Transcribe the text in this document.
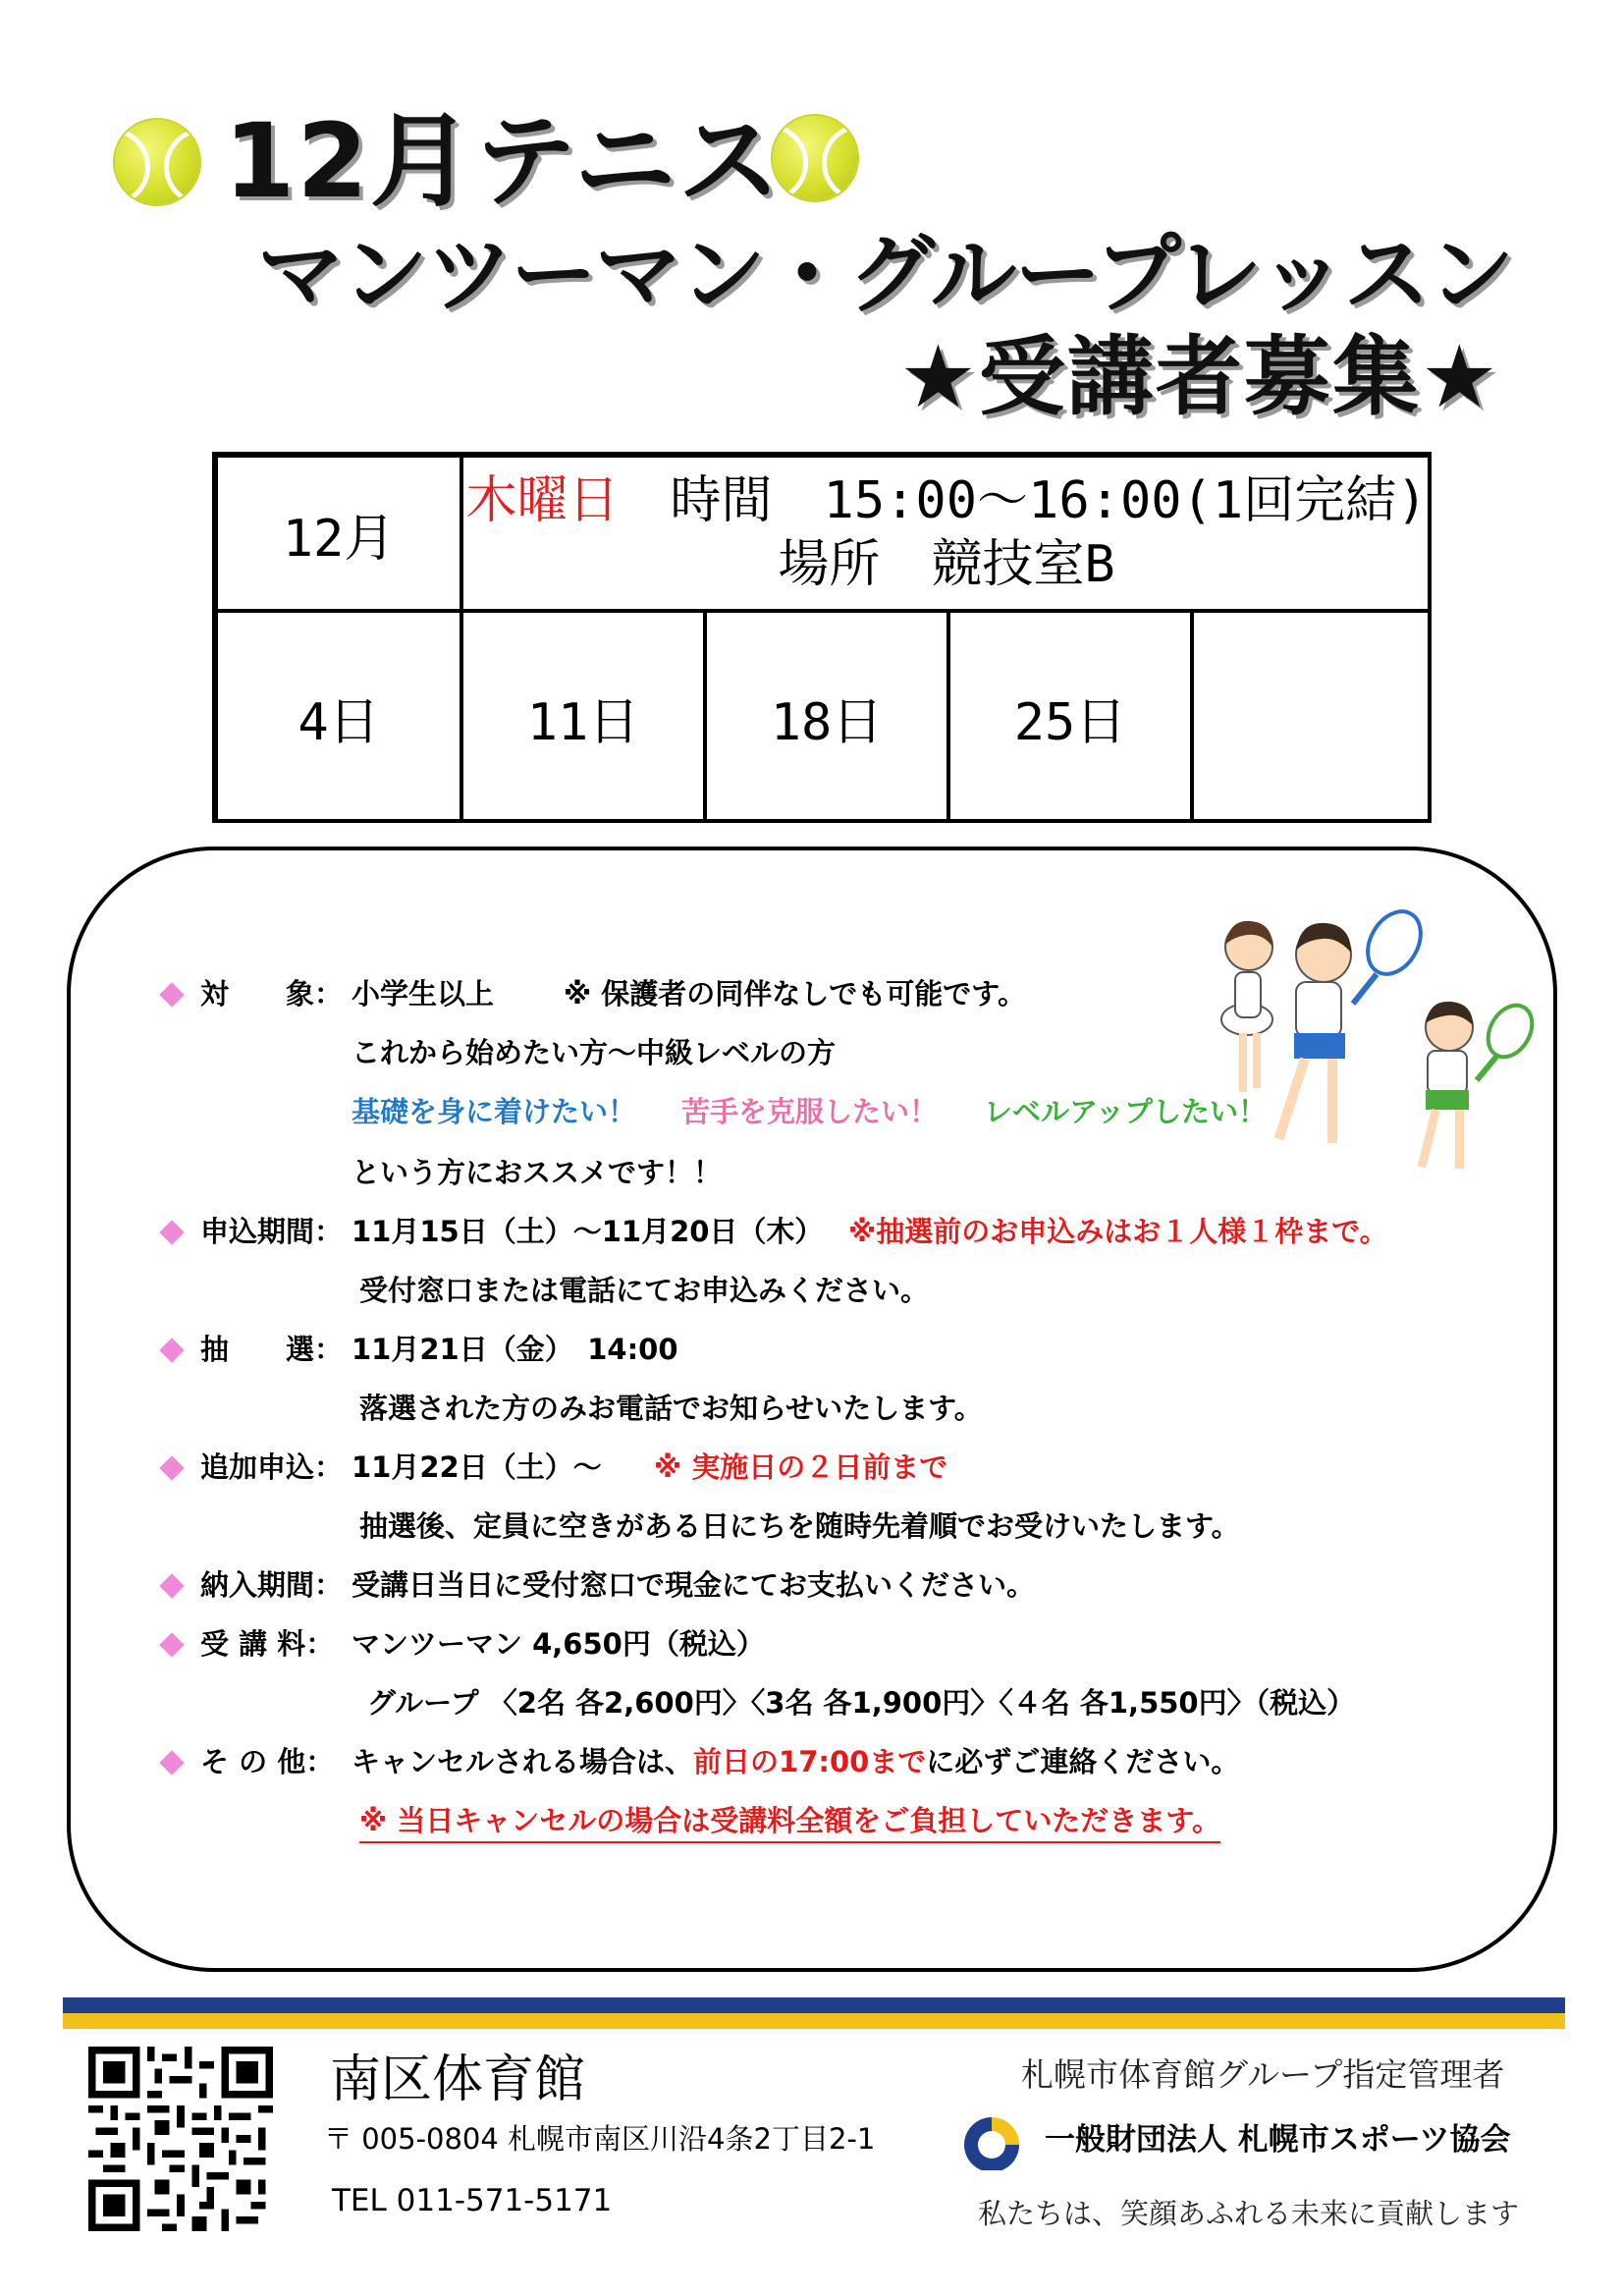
12月テニス
マンツーマン・グループレッスン
★受講者募集★
12月
木曜日　 時間　15:00〜16:00(1回完結)
場所　競技室B
4日	11日	18日	25日
対　　象： 小学生以上 ※ 保護者の同伴なしでも可能です。
これから始めたい方〜中級レベルの方
基礎を身に着けたい！ 苦手を克服したい！ レベルアップしたい！
という方におススメです！！
申込期間： 11月15日（土）〜11月20日（木） ※抽選前のお申込みはお１人様１枠まで。
受付窓口または電話にてお申込みください。
抽　　選： 11月21日（金）　14:00
落選された方のみお電話でお知らせいたします。
追加申込： 11月22日（土）〜 ※ 実施日の２日前まで
抽選後、定員に空きがある日にちを随時先着順でお受けいたします。
納入期間： 受講日当日に受付窓口で現金にてお支払いください。
受 講 料： マンツーマン 4,650円（税込）
グループ 〈2名 各2,600円〉〈3名 各1,900円〉〈４名 各1,550円〉（税込）
そ の 他： キャンセルされる場合は、前日の17:00までに必ずご連絡ください。
※ 当日キャンセルの場合は受講料全額をご負担していただきます。
南区体育館
〒 005-0804 札幌市南区川沿4条2丁目2-1
TEL 011-571-5171
札幌市体育館グループ指定管理者
一般財団法人 札幌市スポーツ協会
私たちは、笑顔あふれる未来に貢献します
